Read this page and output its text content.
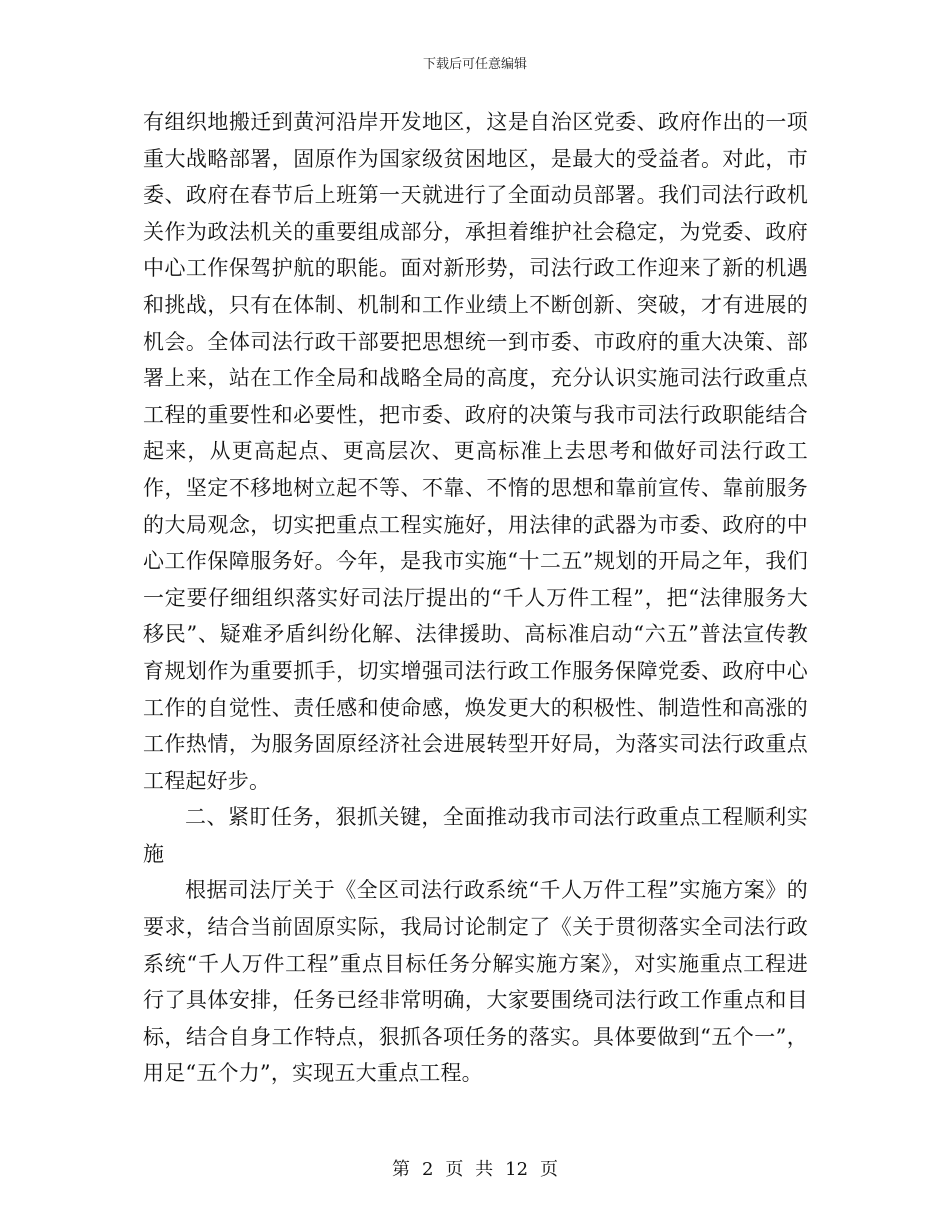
下载后可任意编辑

有组织地搬迁到黄河沿岸开发地区，这是自治区党委、政府作出的一项重大战略部署，固原作为国家级贫困地区，是最大的受益者。对此，市委、政府在春节后上班第一天就进行了全面动员部署。我们司法行政机关作为政法机关的重要组成部分，承担着维护社会稳定，为党委、政府中心工作保驾护航的职能。面对新形势，司法行政工作迎来了新的机遇和挑战，只有在体制、机制和工作业绩上不断创新、突破，才有进展的机会。全体司法行政干部要把思想统一到市委、市政府的重大决策、部署上来，站在工作全局和战略全局的高度，充分认识实施司法行政重点工程的重要性和必要性，把市委、政府的决策与我市司法行政职能结合起来，从更高起点、更高层次、更高标准上去思考和做好司法行政工作，坚定不移地树立起不等、不靠、不惰的思想和靠前宣传、靠前服务的大局观念，切实把重点工程实施好，用法律的武器为市委、政府的中心工作保障服务好。今年，是我市实施“十二五”规划的开局之年，我们一定要仔细组织落实好司法厅提出的“千人万件工程”，把“法律服务大移民”、疑难矛盾纠纷化解、法律援助、高标准启动“六五”普法宣传教育规划作为重要抓手，切实增强司法行政工作服务保障党委、政府中心工作的自觉性、责任感和使命感，焕发更大的积极性、制造性和高涨的工作热情，为服务固原经济社会进展转型开好局，为落实司法行政重点工程起好步。

二、紧盯任务，狠抓关键，全面推动我市司法行政重点工程顺利实施

根据司法厅关于《全区司法行政系统“千人万件工程”实施方案》的要求，结合当前固原实际，我局讨论制定了《关于贯彻落实全司法行政系统“千人万件工程”重点目标任务分解实施方案》，对实施重点工程进行了具体安排，任务已经非常明确，大家要围绕司法行政工作重点和目标，结合自身工作特点，狠抓各项任务的落实。具体要做到“五个一”，用足“五个力”，实现五大重点工程。

第 2 页 共 12 页
